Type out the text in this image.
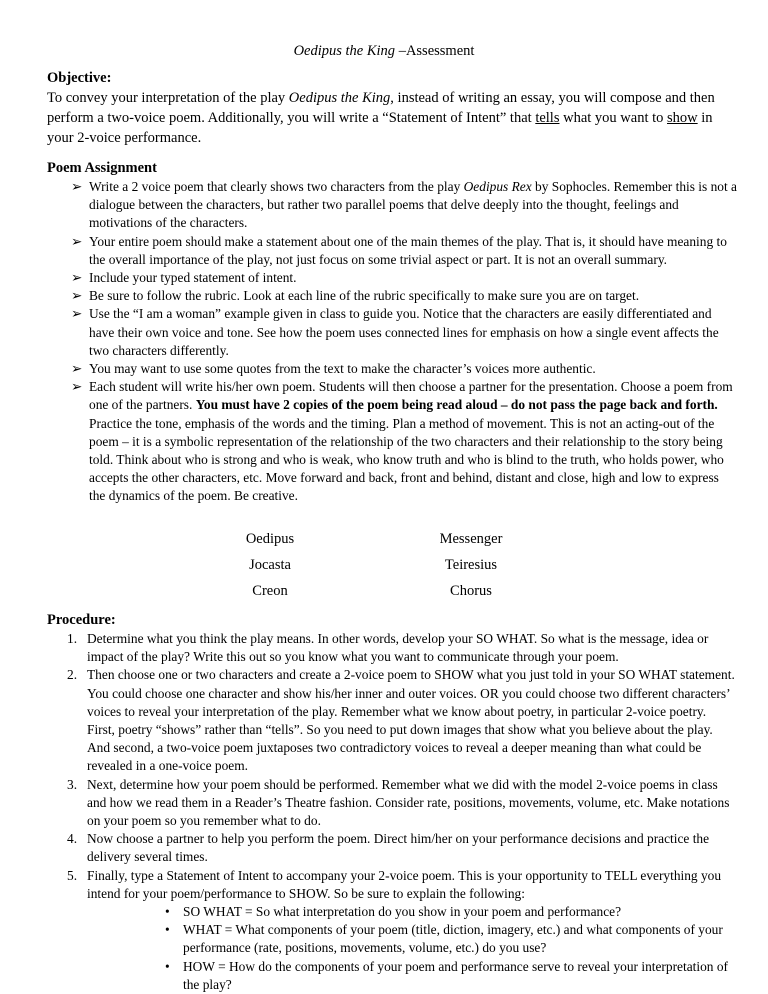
Oedipus the King –Assessment
Objective:
To convey your interpretation of the play Oedipus the King, instead of writing an essay, you will compose and then perform a two-voice poem. Additionally, you will write a “Statement of Intent” that tells what you want to show in your 2-voice performance.
Poem Assignment
➢ Write a 2 voice poem that clearly shows two characters from the play Oedipus Rex by Sophocles. Remember this is not a dialogue between the characters, but rather two parallel poems that delve deeply into the thought, feelings and motivations of the characters.
➢ Your entire poem should make a statement about one of the main themes of the play. That is, it should have meaning to the overall importance of the play, not just focus on some trivial aspect or part. It is not an overall summary.
➢ Include your typed statement of intent.
➢ Be sure to follow the rubric. Look at each line of the rubric specifically to make sure you are on target.
➢ Use the “I am a woman” example given in class to guide you. Notice that the characters are easily differentiated and have their own voice and tone. See how the poem uses connected lines for emphasis on how a single event affects the two characters differently.
➢ You may want to use some quotes from the text to make the character’s voices more authentic.
➢ Each student will write his/her own poem. Students will then choose a partner for the presentation. Choose a poem from one of the partners. You must have 2 copies of the poem being read aloud – do not pass the page back and forth. Practice the tone, emphasis of the words and the timing. Plan a method of movement. This is not an acting-out of the poem – it is a symbolic representation of the relationship of the two characters and their relationship to the story being told. Think about who is strong and who is weak, who know truth and who is blind to the truth, who holds power, who accepts the other characters, etc. Move forward and back, front and behind, distant and close, high and low to express the dynamics of the poem. Be creative.
Oedipus	Messenger
Jocasta	Teiresius
Creon	Chorus
Procedure:
1. Determine what you think the play means. In other words, develop your SO WHAT. So what is the message, idea or impact of the play? Write this out so you know what you want to communicate through your poem.
2. Then choose one or two characters and create a 2-voice poem to SHOW what you just told in your SO WHAT statement. You could choose one character and show his/her inner and outer voices. OR you could choose two different characters’ voices to reveal your interpretation of the play. Remember what we know about poetry, in particular 2-voice poetry. First, poetry “shows” rather than “tells”. So you need to put down images that show what you believe about the play. And second, a two-voice poem juxtaposes two contradictory voices to reveal a deeper meaning than what could be revealed in a one-voice poem.
3. Next, determine how your poem should be performed. Remember what we did with the model 2-voice poems in class and how we read them in a Reader’s Theatre fashion. Consider rate, positions, movements, volume, etc. Make notations on your poem so you remember what to do.
4. Now choose a partner to help you perform the poem. Direct him/her on your performance decisions and practice the delivery several times.
5. Finally, type a Statement of Intent to accompany your 2-voice poem. This is your opportunity to TELL everything you intend for your poem/performance to SHOW. So be sure to explain the following:
• SO WHAT = So what interpretation do you show in your poem and performance?
• WHAT = What components of your poem (title, diction, imagery, etc.) and what components of your performance (rate, positions, movements, volume, etc.) do you use?
• HOW = How do the components of your poem and performance serve to reveal your interpretation of the play?
